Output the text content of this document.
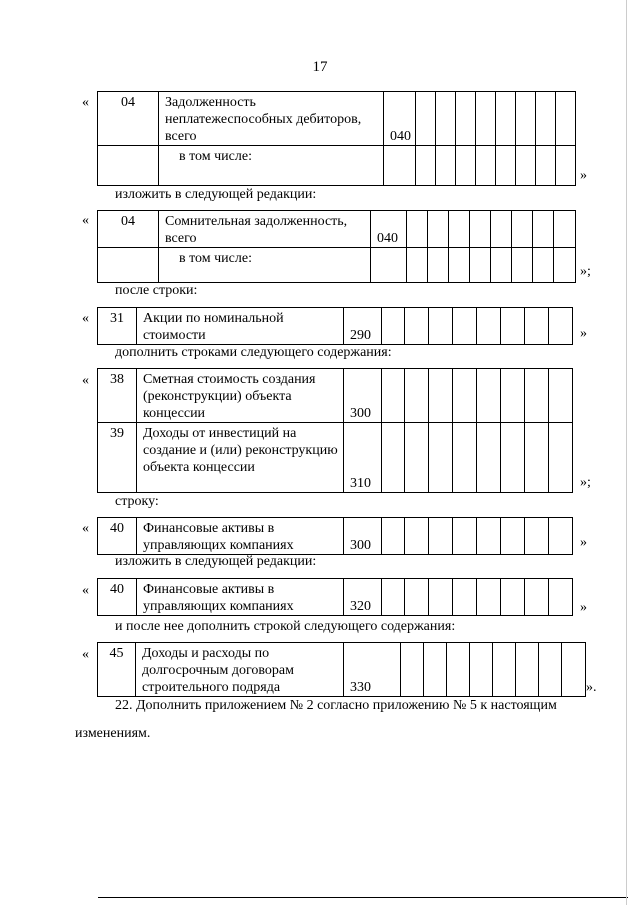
17
« 04	Задолженность неплатежеспособных дебиторов, всего	040								
	в том числе:									
»
изложить в следующей редакции:
« 04	Сомнительная задолженность, всего	040								
	в том числе:									
»;
после строки:
« 31	Акции по номинальной стоимости	290									»
дополнить строками следующего содержания:
« 38	Сметная стоимость создания (реконструкции) объекта концессии	300								
39	Доходы от инвестиций на создание и (или) реконструкцию объекта концессии	310									»;
строку:
« 40	Финансовые активы в управляющих компаниях	300									»
изложить в следующей редакции:
« 40	Финансовые активы в управляющих компаниях	320									»
и после нее дополнить строкой следующего содержания:
« 45	Доходы и расходы по долгосрочным договорам строительного подряда	330									».
22. Дополнить приложением № 2 согласно приложению № 5 к настоящим
изменениям.
